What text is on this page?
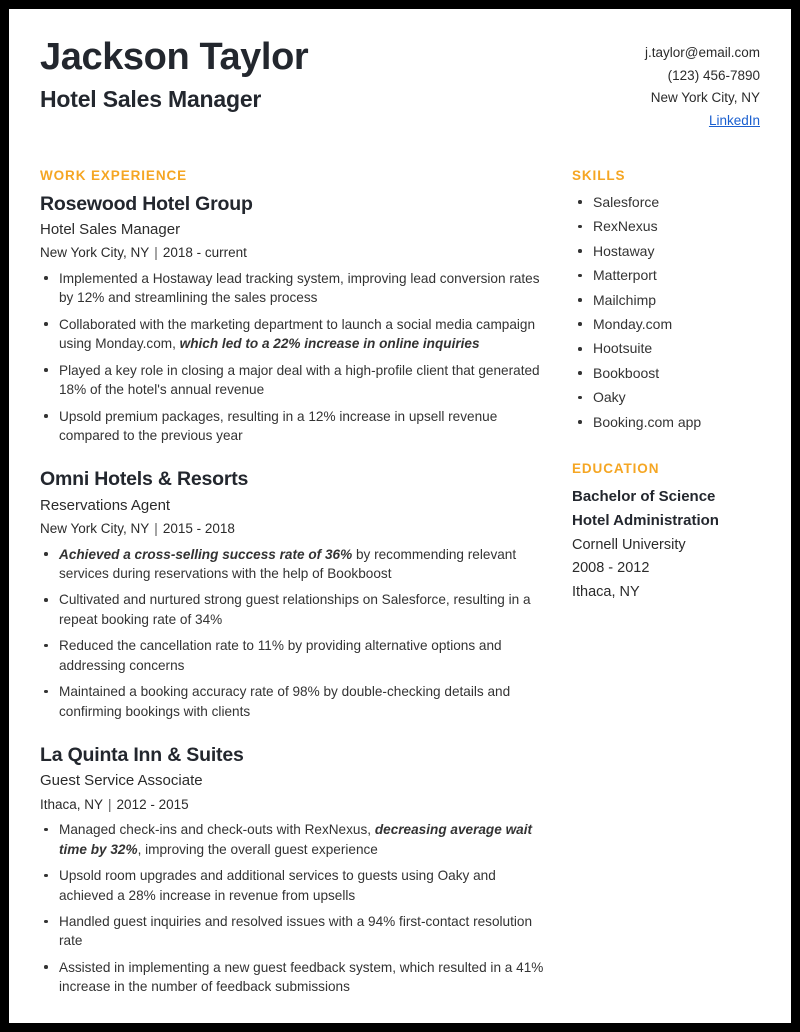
Jackson Taylor
Hotel Sales Manager
j.taylor@email.com
(123) 456-7890
New York City, NY
LinkedIn
WORK EXPERIENCE
Rosewood Hotel Group
Hotel Sales Manager
New York City, NY | 2018 - current
Implemented a Hostaway lead tracking system, improving lead conversion rates by 12% and streamlining the sales process
Collaborated with the marketing department to launch a social media campaign using Monday.com, which led to a 22% increase in online inquiries
Played a key role in closing a major deal with a high-profile client that generated 18% of the hotel's annual revenue
Upsold premium packages, resulting in a 12% increase in upsell revenue compared to the previous year
Omni Hotels & Resorts
Reservations Agent
New York City, NY | 2015 - 2018
Achieved a cross-selling success rate of 36% by recommending relevant services during reservations with the help of Bookboost
Cultivated and nurtured strong guest relationships on Salesforce, resulting in a repeat booking rate of 34%
Reduced the cancellation rate to 11% by providing alternative options and addressing concerns
Maintained a booking accuracy rate of 98% by double-checking details and confirming bookings with clients
La Quinta Inn & Suites
Guest Service Associate
Ithaca, NY | 2012 - 2015
Managed check-ins and check-outs with RexNexus, decreasing average wait time by 32%, improving the overall guest experience
Upsold room upgrades and additional services to guests using Oaky and achieved a 28% increase in revenue from upsells
Handled guest inquiries and resolved issues with a 94% first-contact resolution rate
Assisted in implementing a new guest feedback system, which resulted in a 41% increase in the number of feedback submissions
SKILLS
Salesforce
RexNexus
Hostaway
Matterport
Mailchimp
Monday.com
Hootsuite
Bookboost
Oaky
Booking.com app
EDUCATION
Bachelor of Science
Hotel Administration
Cornell University
2008 - 2012
Ithaca, NY
